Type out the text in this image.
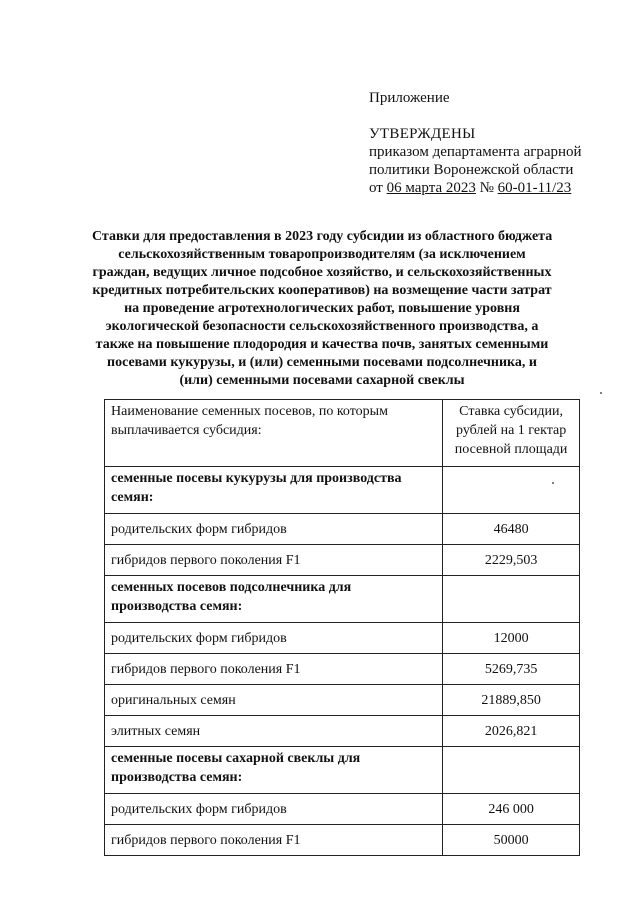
Приложение
УТВЕРЖДЕНЫ
приказом департамента аграрной
политики Воронежской области
от 06 марта 2023 № 60-01-11/23
Ставки для предоставления в 2023 году субсидии из областного бюджета
сельскохозяйственным товаропроизводителям (за исключением
граждан, ведущих личное подсобное хозяйство, и сельскохозяйственных
кредитных потребительских кооперативов) на возмещение части затрат
на проведение агротехнологических работ, повышение уровня
экологической безопасности сельскохозяйственного производства, а
также на повышение плодородия и качества почв, занятых семенными
посевами кукурузы, и (или) семенными посевами подсолнечника, и
(или) семенными посевами сахарной свеклы
Наименование семенных посевов, по которым выплачивается субсидия:	Ставка субсидии, рублей на 1 гектар посевной площади
семенные посевы кукурузы для производства семян:	
родительских форм гибридов	46480
гибридов первого поколения F1	2229,503
семенных посевов подсолнечника для производства семян:	
родительских форм гибридов	12000
гибридов первого поколения F1	5269,735
оригинальных семян	21889,850
элитных семян	2026,821
семенные посевы сахарной свеклы для производства семян:	
родительских форм гибридов	246 000
гибридов первого поколения F1	50000
